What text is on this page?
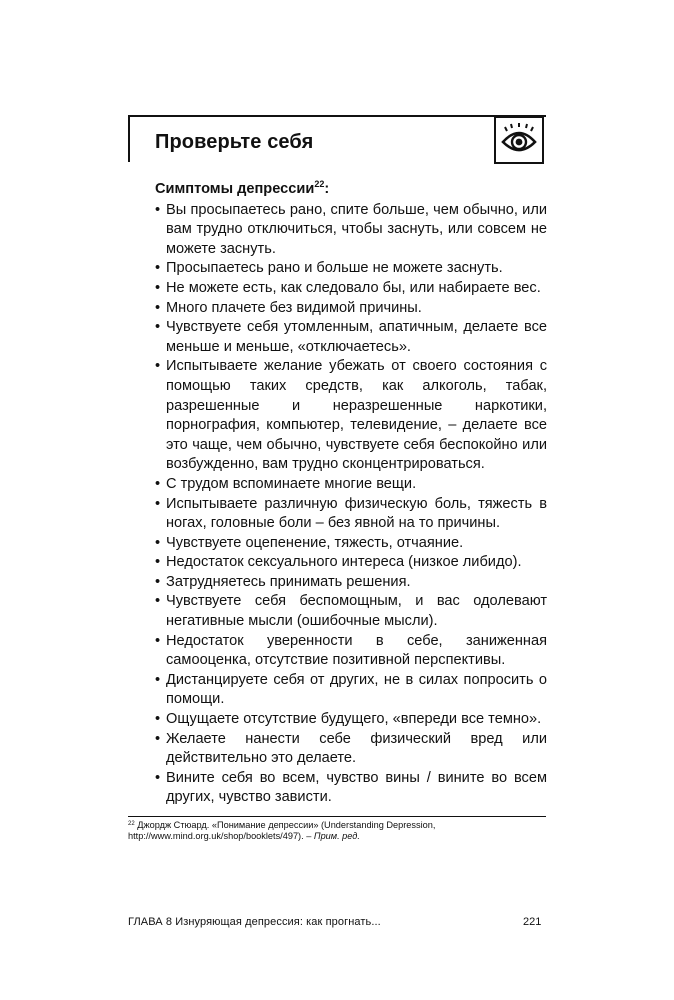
Проверьте себя
Симптомы депрессии$^{22}$:
• Вы просыпаетесь рано, спите больше, чем обычно, или вам трудно отключиться, чтобы заснуть, или совсем не можете заснуть.
• Просыпаетесь рано и больше не можете заснуть.
• Не можете есть, как следовало бы, или набираете вес.
• Много плачете без видимой причины.
• Чувствуете себя утомленным, апатичным, делаете все меньше и меньше, «отключаетесь».
• Испытываете желание убежать от своего состояния с помощью таких средств, как алкоголь, табак, разрешенные и неразрешенные наркотики, порнография, компьютер, телевидение, – делаете все это чаще, чем обычно, чувствуете себя беспокойно или возбужденно, вам трудно сконцентрироваться.
• С трудом вспоминаете многие вещи.
• Испытываете различную физическую боль, тяжесть в ногах, головные боли – без явной на то причины.
• Чувствуете оцепенение, тяжесть, отчаяние.
• Недостаток сексуального интереса (низкое либидо).
• Затрудняетесь принимать решения.
• Чувствуете себя беспомощным, и вас одолевают негативные мысли (ошибочные мысли).
• Недостаток уверенности в себе, заниженная самооценка, отсутствие позитивной перспективы.
• Дистанцируете себя от других, не в силах попросить о помощи.
• Ощущаете отсутствие будущего, «впереди все темно».
• Желаете нанести себе физический вред или действительно это делаете.
• Вините себя во всем, чувство вины / вините во всем других, чувство зависти.
$^{22}$ Джордж Стюард. «Понимание депрессии» (Understanding Depression, http://www.mind.org.uk/shop/booklets/497). – Прим. ред.
ГЛАВА 8 Изнуряющая депрессия: как прогнать...	221
